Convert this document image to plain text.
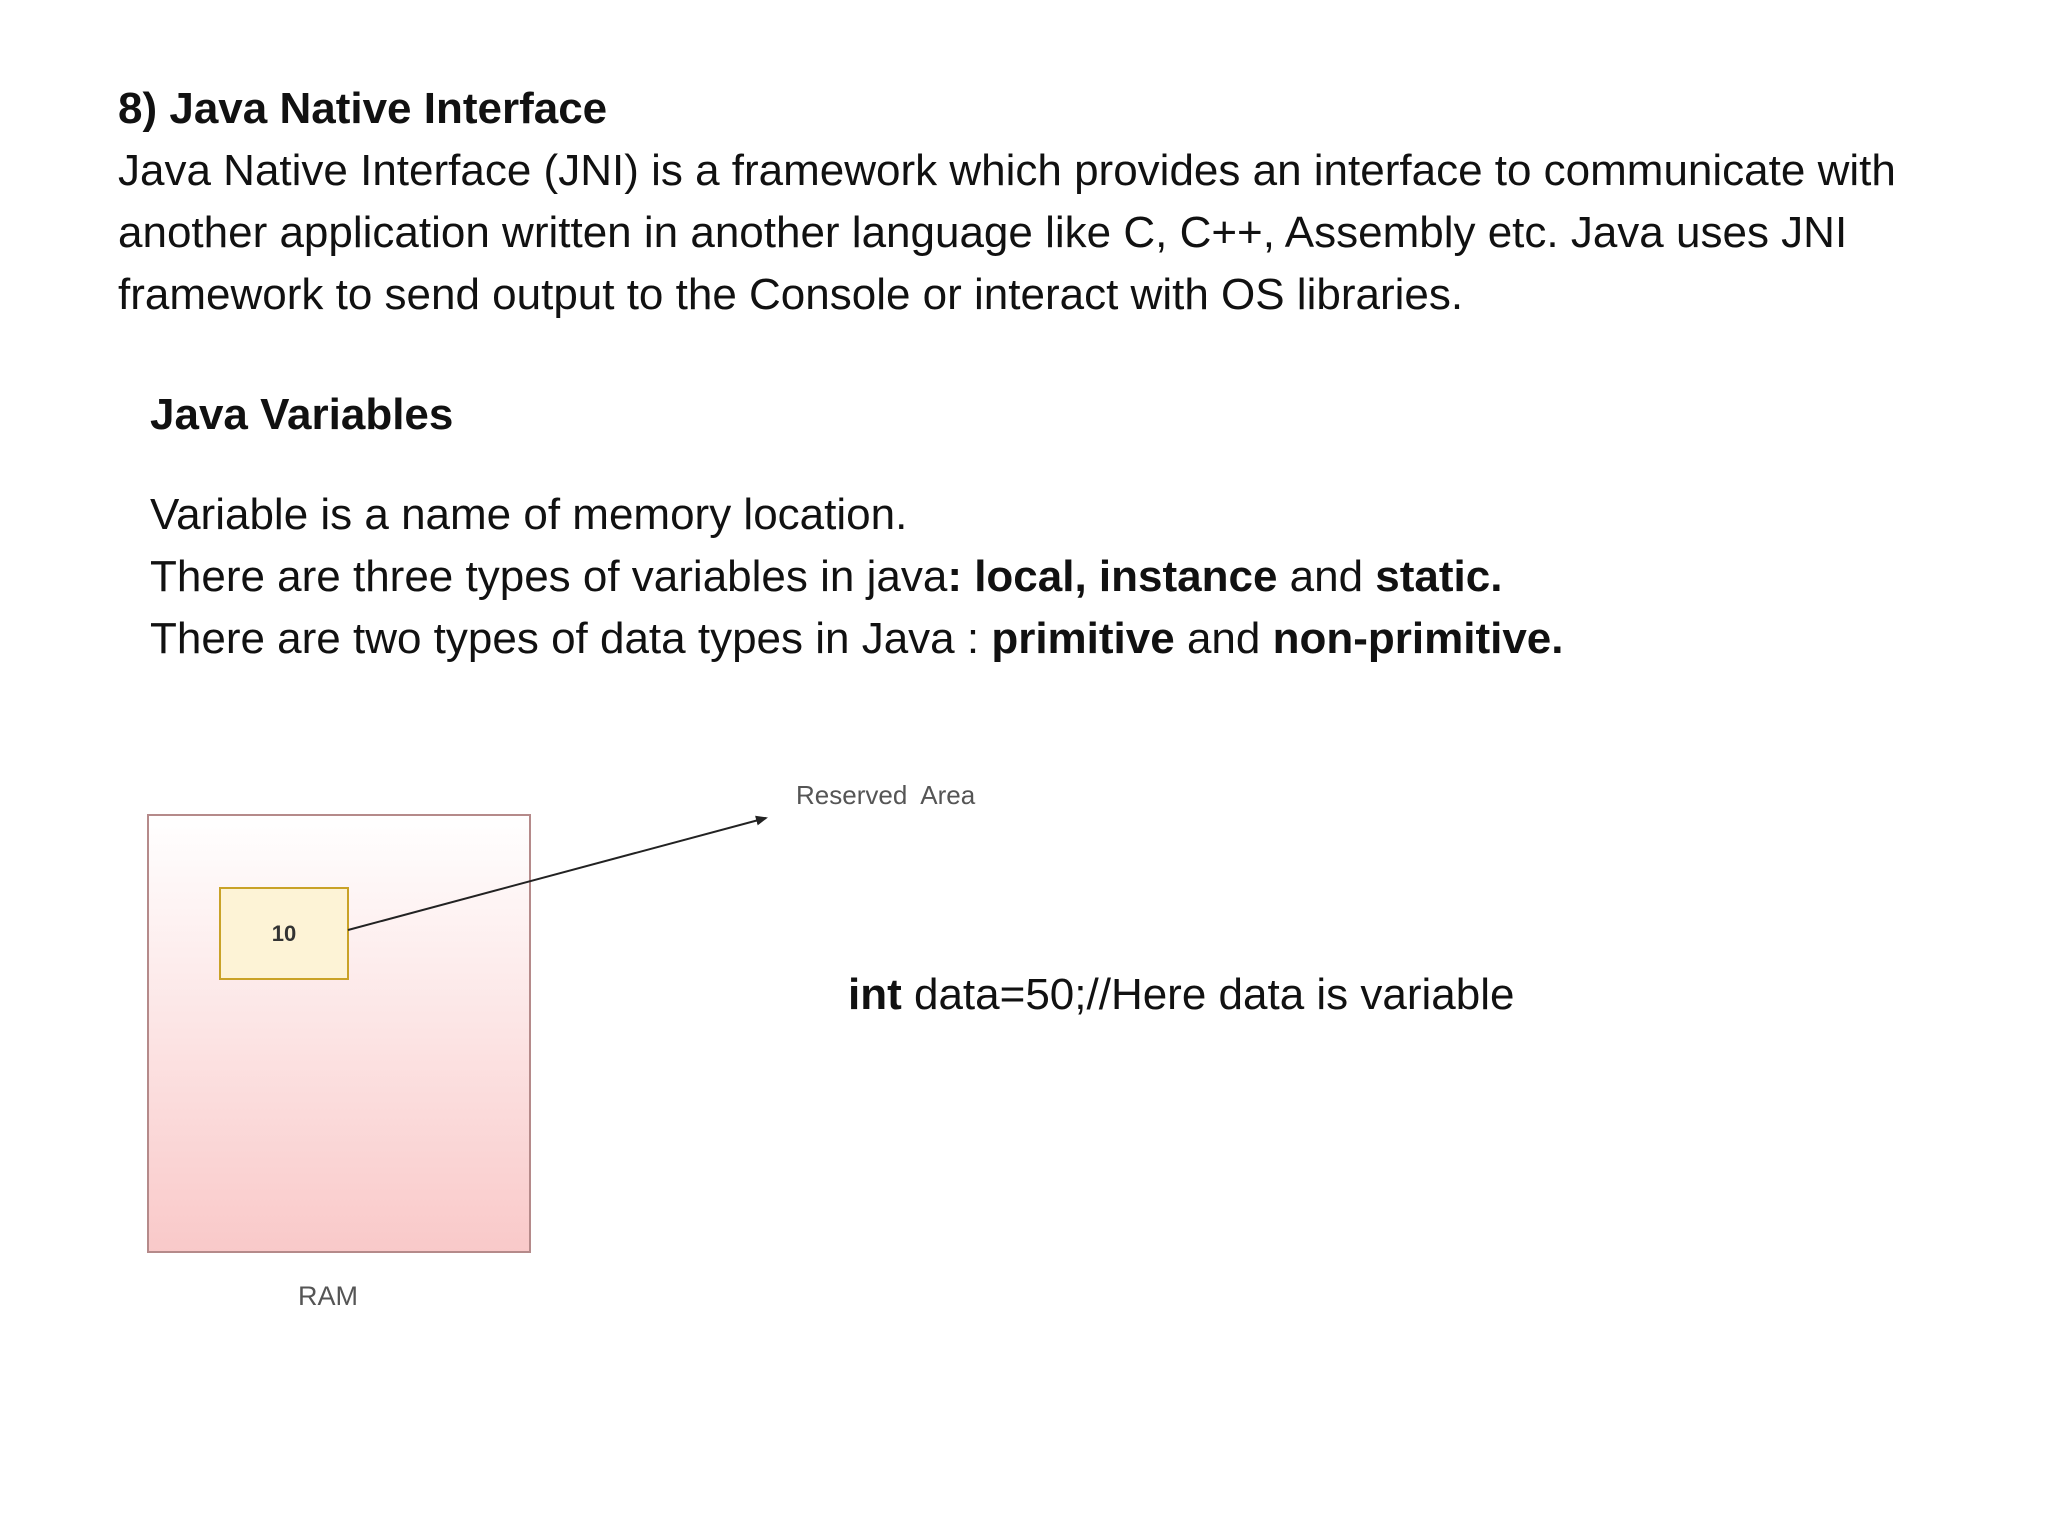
8) Java Native Interface
Java Native Interface (JNI) is a framework which provides an interface to communicate with another application written in another language like C, C++, Assembly etc. Java uses JNI framework to send output to the Console or interact with OS libraries.
Java Variables
Variable is a name of memory location.
There are three types of variables in java: local, instance and static.
There are two types of data types in Java : primitive and non-primitive.
10
Reserved  Area
RAM
int data=50;//Here data is variable
